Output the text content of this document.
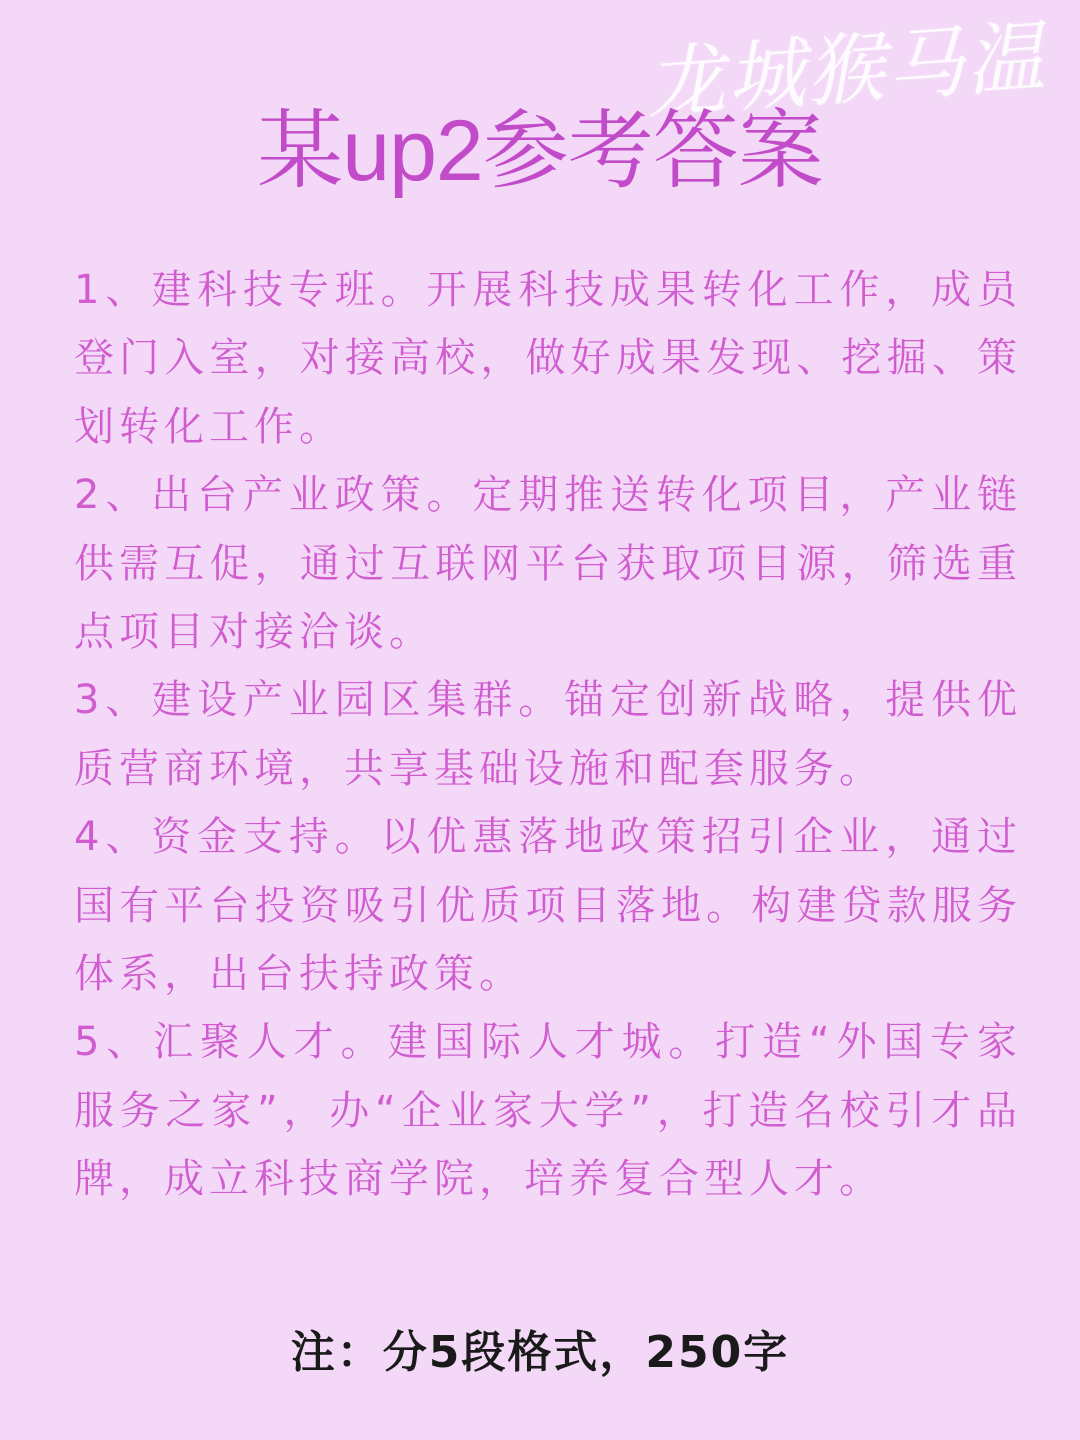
龙城猴马温
某up2参考答案

1、建科技专班。开展科技成果转化工作，成员登门入室，对接高校，做好成果发现、挖掘、策划转化工作。

2、出台产业政策。定期推送转化项目，产业链供需互促，通过互联网平台获取项目源，筛选重点项目对接洽谈。

3、建设产业园区集群。锚定创新战略，提供优质营商环境，共享基础设施和配套服务。

4、资金支持。以优惠落地政策招引企业，通过国有平台投资吸引优质项目落地。构建贷款服务体系，出台扶持政策。

5、汇聚人才。建国际人才城。打造“外国专家服务之家”，办“企业家大学”，打造名校引才品牌，成立科技商学院，培养复合型人才。

注：分5段格式，250字
